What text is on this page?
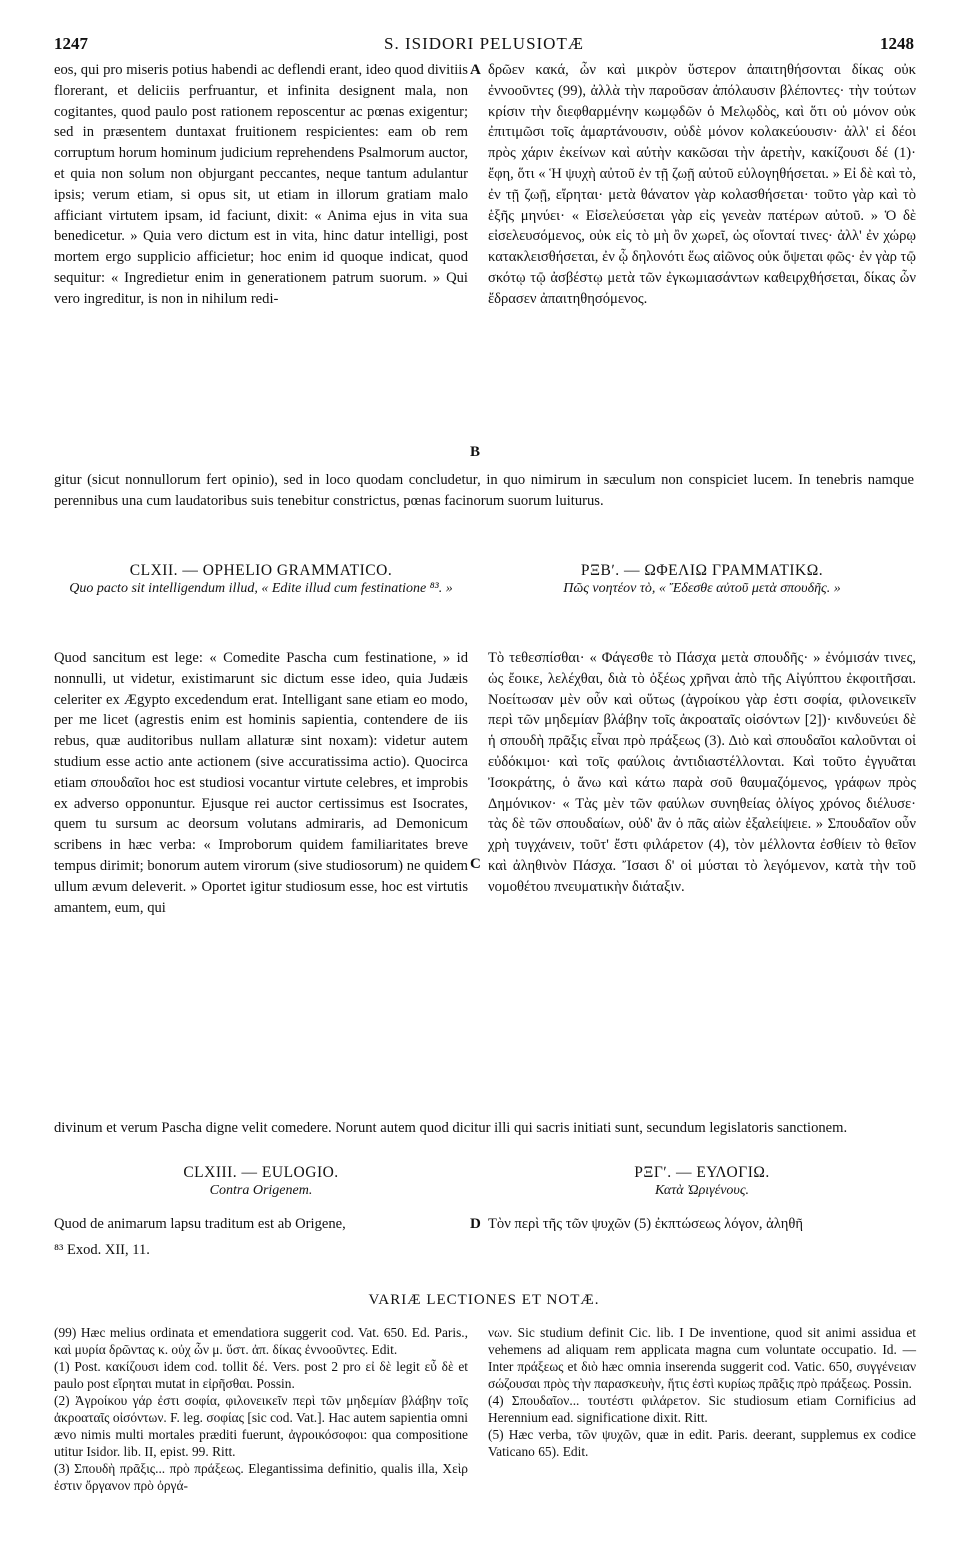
1247	S. ISIDORI PELUSIOTÆ	1248
eos, qui pro miseris potius habendi ac deflendi erant, ideo quod divitiis florerant, et deliciis perfruantur, et infinita designent mala, non cogitantes, quod paulo post rationem reposcentur ac pœnas exigentur; sed in præsentem duntaxat fruitionem respicientes: eam ob rem corruptum horum hominum judicium reprehendens Psalmorum auctor, et quia non solum non objurgant peccantes, neque tantum adulantur ipsis; verum etiam, si opus sit, ut etiam in illorum gratiam malo afficiant virtutem ipsam, id faciunt, dixit: « Anima ejus in vita sua benedicetur. » Quia vero dictum est in vita, hinc datur intelligi, post mortem ergo supplicio afficietur; hoc enim id quoque indicat, quod sequitur: « Ingredietur enim in generationem patrum suorum. » Qui vero ingreditur, is non in nihilum redi-
A
B
δρῶεν κακά, ὧν καὶ μικρὸν ὕστερον ἀπαιτηθήσονται δίκας οὐκ ἐννοοῦντες (99), ἀλλὰ τὴν παροῦσαν ἀπόλαυσιν βλέποντες· τὴν τούτων κρίσιν τὴν διεφθαρμένην κωμῳδῶν ὁ Μελῳδὸς, καὶ ὅτι οὐ μόνον οὐκ ἐπιτιμῶσι τοῖς ἁμαρτάνουσιν, οὐδὲ μόνον κολακεύουσιν· ἀλλ' εἰ δέοι πρὸς χάριν ἐκείνων καὶ αὐτὴν κακῶσαι τὴν ἀρετὴν, κακίζουσι δέ (1)· ἔφη, ὅτι « Ἡ ψυχὴ αὐτοῦ ἐν τῇ ζωῇ αὐτοῦ εὐλογηθήσεται. » Εἰ δὲ καὶ τὸ, ἐν τῇ ζωῇ, εἴρηται· μετὰ θάνατον γὰρ κολασθήσεται· τοῦτο γὰρ καὶ τὸ ἑξῆς μηνύει· « Εἰσελεύσεται γὰρ εἰς γενεὰν πατέρων αὐτοῦ. » Ὁ δὲ εἰσελευσόμενος, οὐκ εἰς τὸ μὴ ὂν χωρεῖ, ὡς οἴονταί τινες· ἀλλ' ἐν χώρῳ κατακλεισθήσεται, ἐν ᾧ δηλονότι ἕως αἰῶνος οὐκ ὄψεται φῶς· ἐν γὰρ τῷ σκότῳ τῷ ἀσβέστῳ μετὰ τῶν ἐγκωμιασάντων καθειρχθήσεται, δίκας ὧν ἔδρασεν ἀπαιτηθησόμενος.
gitur (sicut nonnullorum fert opinio), sed in loco quodam concludetur, in quo nimirum in sæculum non conspiciet lucem. In tenebris namque perennibus una cum laudatoribus suis tenebitur constrictus, pœnas facinorum suorum luiturus.
CLXII. — OPHELIO GRAMMATICO.
Quo pacto sit intelligendum illud, « Edite illud cum festinatione ⁸³. »
ΡΞΒʹ. — ΩΦΕΛΙΩ ΓΡΑΜΜΑΤΙΚΩ.
Πῶς νοητέον τὸ, « Ἔδεσθε αὐτοῦ μετὰ σπουδῆς. »
Quod sancitum est lege: « Comedite Pascha cum festinatione, » id nonnulli, ut videtur, existimarunt sic dictum esse ideo, quia Judæis celeriter ex Ægypto excedendum erat. Intelligant sane etiam eo modo, per me licet (agrestis enim est hominis sapientia, contendere de iis rebus, quæ auditoribus nullam allaturæ sint noxam): videtur autem studium esse actio ante actionem (sive accuratissima actio). Quocirca etiam σπουδαῖοι hoc est studiosi vocantur virtute celebres, et improbis ex adverso opponuntur. Ejusque rei auctor certissimus est Isocrates, quem tu sursum ac deorsum volutans admiraris, ad Demonicum scribens in hæc verba: « Improborum quidem familiaritates breve tempus dirimit; bonorum autem virorum (sive studiosorum) ne quidem ullum ævum deleverit. » Oportet igitur studiosum esse, hoc est virtutis amantem, eum, qui
C
Τὸ τεθεσπίσθαι· « Φάγεσθε τὸ Πάσχα μετὰ σπουδῆς· » ἐνόμισάν τινες, ὡς ἔοικε, λελέχθαι, διὰ τὸ ὀξέως χρῆναι ἀπὸ τῆς Αἰγύπτου ἐκφοιτῆσαι. Νοείτωσαν μὲν οὖν καὶ οὕτως (ἀγροίκου γὰρ ἐστι σοφία, φιλονεικεῖν περὶ τῶν μηδεμίαν βλάβην τοῖς ἀκροαταῖς οἰσόντων [2])· κινδυνεύει δὲ ἡ σπουδὴ πρᾶξις εἶναι πρὸ πράξεως (3). Διὸ καὶ σπουδαῖοι καλοῦνται οἱ εὐδόκιμοι· καὶ τοῖς φαύλοις ἀντιδιαστέλλονται. Καὶ τοῦτο ἐγγυᾶται Ἰσοκράτης, ὁ ἄνω καὶ κάτω παρὰ σοῦ θαυμαζόμενος, γράφων πρὸς Δημόνικον· « Τὰς μὲν τῶν φαύλων συνηθείας ὀλίγος χρόνος διέλυσε· τὰς δὲ τῶν σπουδαίων, οὐδ' ἂν ὁ πᾶς αἰὼν ἐξαλείψειε. » Σπουδαῖον οὖν χρὴ τυγχάνειν, τοῦτ' ἔστι φιλάρετον (4), τὸν μέλλοντα ἐσθίειν τὸ θεῖον καὶ ἀληθινὸν Πάσχα. Ἴσασι δ' οἱ μύσται τὸ λεγόμενον, κατὰ τὴν τοῦ νομοθέτου πνευματικὴν διάταξιν.
divinum et verum Pascha digne velit comedere. Norunt autem quod dicitur illi qui sacris initiati sunt, secundum legislatoris sanctionem.
CLXIII. — EULOGIO.
Contra Origenem.
ΡΞΓʹ. — ΕΥΛΟΓΙΩ.
Κατὰ Ὠριγένους.
Quod de animarum lapsu traditum est ab Origene,	D Τὸν περὶ τῆς τῶν ψυχῶν (5) ἐκπτώσεως λόγον, ἀληθῆ
⁸³ Exod. XII, 11.
VARIÆ LECTIONES ET NOTÆ.

(99) Hæc melius ordinata et emendatiora suggerit cod. Vat. 650. Ed. Paris., καὶ μυρία δρῶντας κ. οὐχ ὧν μ. ὕστ. ἀπ. δίκας ἐννοοῦντες. Edit.

(1) Post. κακίζουσι idem cod. tollit δέ. Vers. post 2 pro εἰ δὲ legit εὖ δὲ et paulo post εἴρηται mutat in εἰρῆσθαι. Possin.

(2) Ἀγροίκου γάρ ἐστι σοφία, φιλονεικεῖν περὶ τῶν μηδεμίαν βλάβην τοῖς ἀκροαταῖς οἰσόντων. F. leg. σοφίας [sic cod. Vat.]. Hac autem sapientia omni ævo nimis multi mortales præditi fuerunt, ἀγροικόσοφοι: qua compositione utitur Isidor. lib. II, epist. 99. Ritt.

(3) Σπουδὴ πρᾶξις... πρὸ πράξεως. Elegantissima definitio, qualis illa, Χεὶρ ἐστιν ὄργανον πρὸ ὀργά-

νων. Sic studium definit Cic. lib. I De inventione, quod sit animi assidua et vehemens ad aliquam rem applicata magna cum voluntate occupatio. Id. — Inter πράξεως et διὸ hæc omnia inserenda suggerit cod. Vatic. 650, συγγένειαν σώζουσαι πρὸς τὴν παρασκευὴν, ἥτις ἐστὶ κυρίως πρᾶξις πρὸ πράξεως. Possin.

(4) Σπουδαῖον... τουτέστι φιλάρετον. Sic studiosum etiam Cornificius ad Herennium ead. significatione dixit. Ritt.

(5) Hæc verba, τῶν ψυχῶν, quæ in edit. Paris. deerant, supplemus ex codice Vaticano 65). Edit.
